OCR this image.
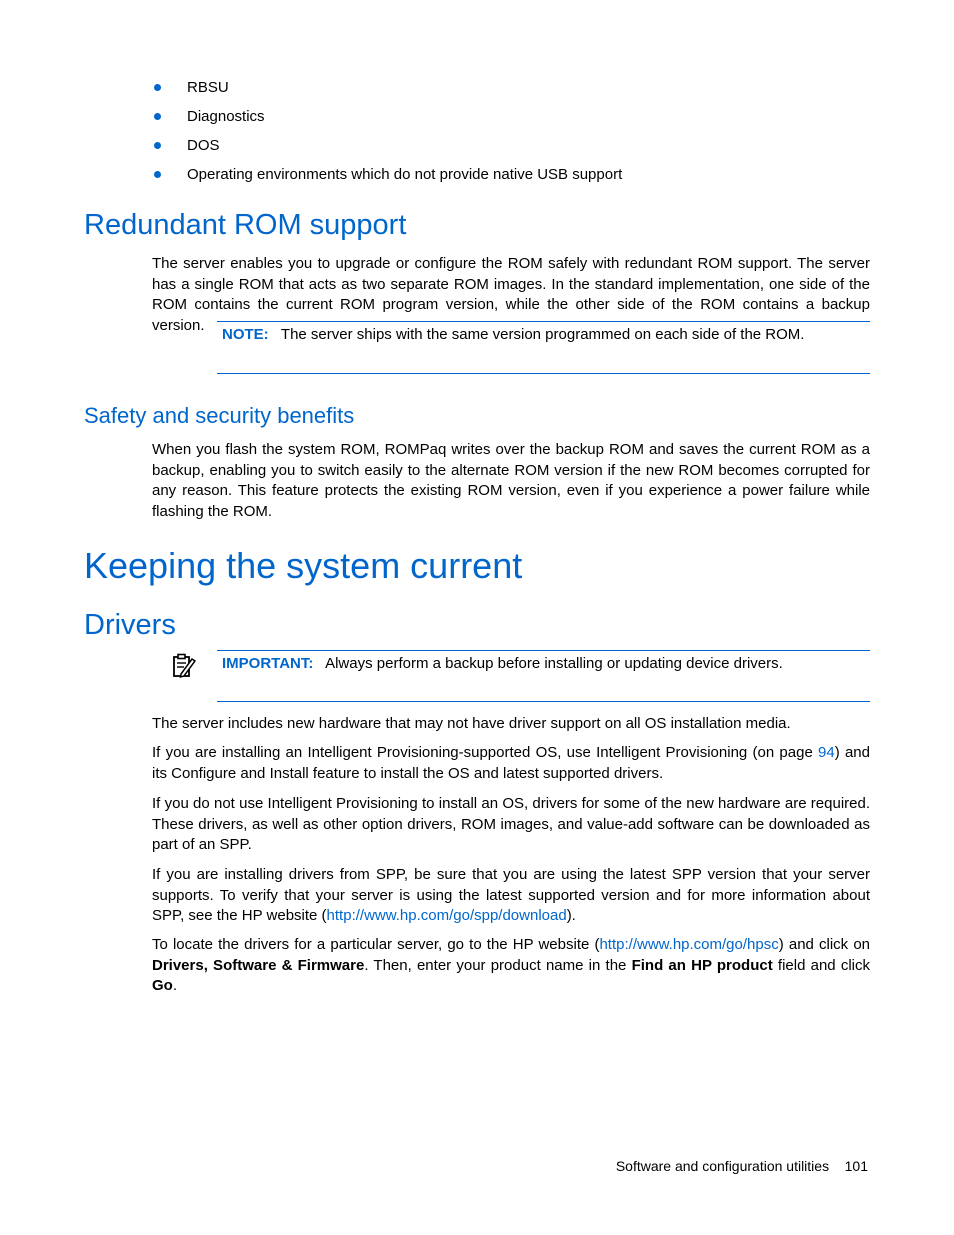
RBSU
Diagnostics
DOS
Operating environments which do not provide native USB support
Redundant ROM support

The server enables you to upgrade or configure the ROM safely with redundant ROM support. The server has a single ROM that acts as two separate ROM images. In the standard implementation, one side of the ROM contains the current ROM program version, while the other side of the ROM contains a backup version.

NOTE: The server ships with the same version programmed on each side of the ROM.
Safety and security benefits

When you flash the system ROM, ROMPaq writes over the backup ROM and saves the current ROM as a backup, enabling you to switch easily to the alternate ROM version if the new ROM becomes corrupted for any reason. This feature protects the existing ROM version, even if you experience a power failure while flashing the ROM.

Keeping the system current
Drivers
IMPORTANT: Always perform a backup before installing or updating device drivers.

The server includes new hardware that may not have driver support on all OS installation media.

If you are installing an Intelligent Provisioning-supported OS, use Intelligent Provisioning (on page 94) and its Configure and Install feature to install the OS and latest supported drivers.

If you do not use Intelligent Provisioning to install an OS, drivers for some of the new hardware are required. These drivers, as well as other option drivers, ROM images, and value-add software can be downloaded as part of an SPP.

If you are installing drivers from SPP, be sure that you are using the latest SPP version that your server supports. To verify that your server is using the latest supported version and for more information about SPP, see the HP website (http://www.hp.com/go/spp/download).

To locate the drivers for a particular server, go to the HP website (http://www.hp.com/go/hpsc) and click on Drivers, Software & Firmware. Then, enter your product name in the Find an HP product field and click Go.

Software and configuration utilities 101
